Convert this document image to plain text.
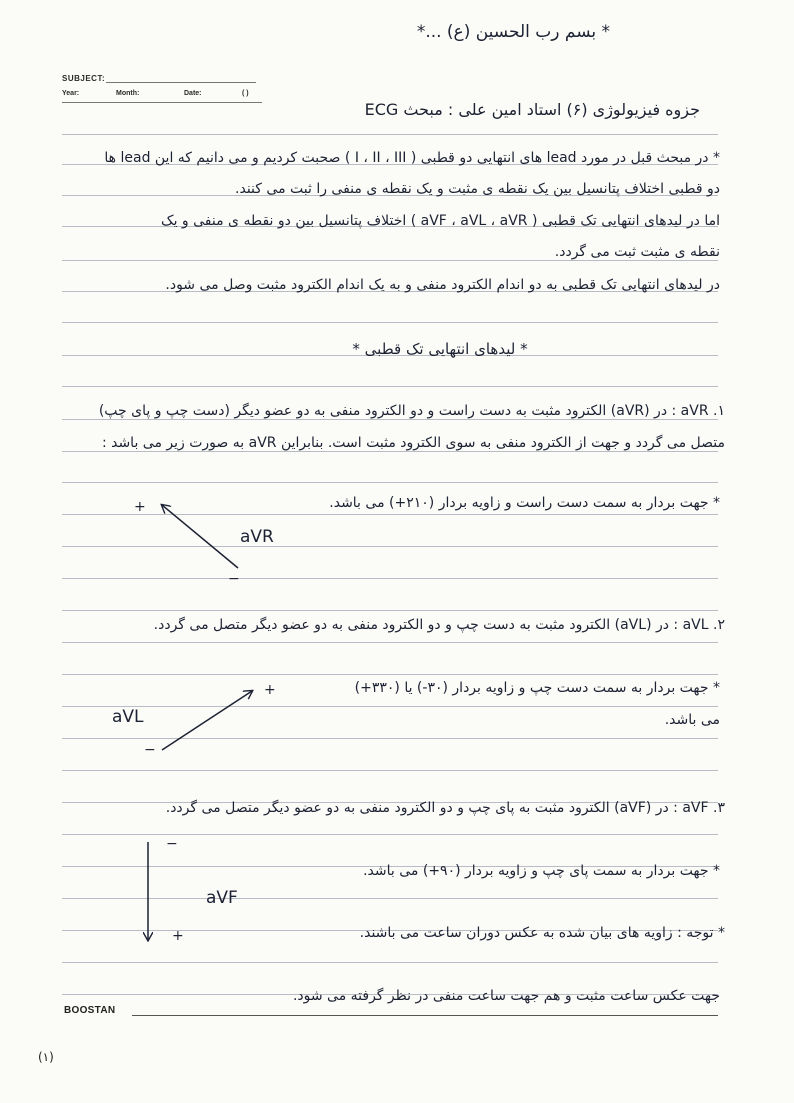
* بسم رب الحسین (ع) ...*
SUBJECT:
Year:	Month:	Date:	( )
جزوه فیزیولوژی (۶) استاد امین علی : مبحث ECG
* در مبحث قبل در مورد lead های انتهایی دو قطبی ( I ، II ، III ) صحبت کردیم و می دانیم که این lead ها
دو قطبی اختلاف پتانسیل بین یک نقطه ی مثبت و یک نقطه ی منفی را ثبت می کنند.
اما در لیدهای انتهایی تک قطبی ( aVF ، aVL ، aVR ) اختلاف پتانسیل بین دو نقطه ی منفی و یک
نقطه ی مثبت ثبت می گردد.
در لیدهای انتهایی تک قطبی به دو اندام الکترود منفی و به یک اندام الکترود مثبت وصل می شود.
* لیدهای انتهایی تک قطبی *
۱. aVR : در (aVR) الکترود مثبت به دست راست و دو الکترود منفی به دو عضو دیگر (دست چپ و پای چپ)
متصل می گردد و جهت از الکترود منفی به سوی الکترود مثبت است. بنابراین aVR به صورت زیر می باشد :
* جهت بردار به سمت دست راست و زاویه بردار (۲۱۰+) می باشد.
۲. aVL : در (aVL) الکترود مثبت به دست چپ و دو الکترود منفی به دو عضو دیگر متصل می گردد.
* جهت بردار به سمت دست چپ و زاویه بردار (۳۰-) یا (۳۳۰+)
می باشد.
۳. aVF : در (aVF) الکترود مثبت به پای چپ و دو الکترود منفی به دو عضو دیگر متصل می گردد.
* جهت بردار به سمت پای چپ و زاویه بردار (۹۰+) می باشد.
* توجه : زاویه های بیان شده به عکس دوران ساعت می باشند.
جهت عکس ساعت مثبت و هم جهت ساعت منفی در نظر گرفته می شود.
+
−
aVR
+
−
aVL
−
+
aVF
BOOSTAN
(۱)
